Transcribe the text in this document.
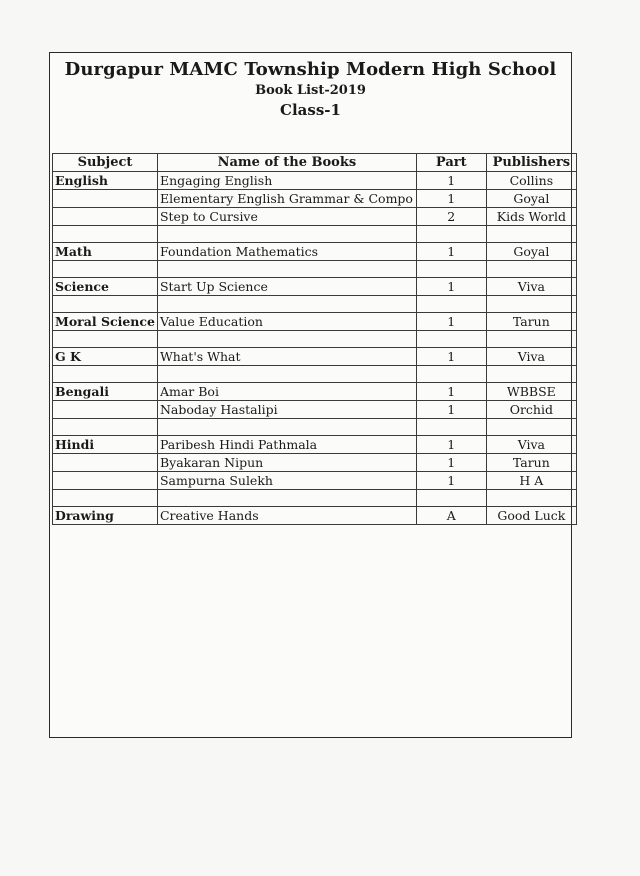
Durgapur MAMC Township Modern High School
Book List-2019
Class-1
Subject	Name of the Books	Part	Publishers
English	Engaging English	1	Collins
	Elementary English Grammar & Compo	1	Goyal
	Step to Cursive	2	Kids World

Math	Foundation Mathematics	1	Goyal

Science	Start Up Science	1	Viva

Moral Science	Value Education	1	Tarun

G K	What's What	1	Viva

Bengali	Amar Boi	1	WBBSE
	Naboday Hastalipi	1	Orchid

Hindi	Paribesh Hindi Pathmala	1	Viva
	Byakaran Nipun	1	Tarun
	Sampurna Sulekh	1	H A

Drawing	Creative Hands	A	Good Luck
